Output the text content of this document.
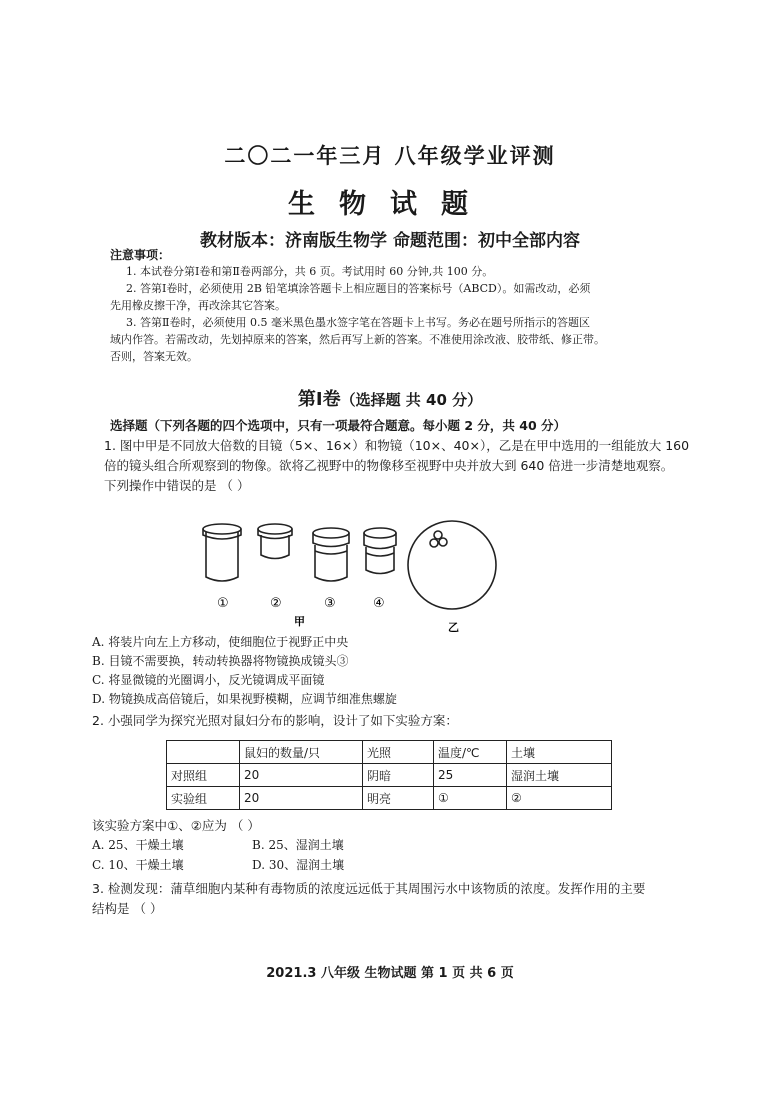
二〇二一年三月 八年级学业评测
生物试题
教材版本：济南版生物学 命题范围：初中全部内容
注意事项：
1. 本试卷分第Ⅰ卷和第Ⅱ卷两部分，共 6 页。考试用时 60 分钟,共 100 分。
2. 答第Ⅰ卷时，必须使用 2B 铅笔填涂答题卡上相应题目的答案标号（ABCD）。如需改动，必须
先用橡皮擦干净，再改涂其它答案。
3. 答第Ⅱ卷时，必须使用 0.5 毫米黑色墨水签字笔在答题卡上书写。务必在题号所指示的答题区
域内作答。若需改动，先划掉原来的答案，然后再写上新的答案。不准使用涂改液、胶带纸、修正带。
否则，答案无效。
第Ⅰ卷（选择题 共 40 分）
选择题（下列各题的四个选项中，只有一项最符合题意。每小题 2 分，共 40 分）
1. 图中甲是不同放大倍数的目镜（5×、16×）和物镜（10×、40×），乙是在甲中选用的一组能放大 160
倍的镜头组合所观察到的物像。欲将乙视野中的物像移至视野中央并放大到 640 倍进一步清楚地观察。
下列操作中错误的是 （ ）
①	②	③	④
甲	乙
A. 将装片向左上方移动，使细胞位于视野正中央
B. 目镜不需要换，转动转换器将物镜换成镜头③
C. 将显微镜的光圈调小，反光镜调成平面镜
D. 物镜换成高倍镜后，如果视野模糊，应调节细准焦螺旋
2. 小强同学为探究光照对鼠妇分布的影响，设计了如下实验方案：
	鼠妇的数量/只	光照	温度/℃	土壤
对照组	20	阴暗	25	湿润土壤
实验组	20	明亮	①	②
该实验方案中①、②应为 （ ）
A. 25、干燥土壤	B. 25、湿润土壤
C. 10、干燥土壤	D. 30、湿润土壤
3. 检测发现：蒲草细胞内某种有毒物质的浓度远远低于其周围污水中该物质的浓度。发挥作用的主要
结构是 （ ）
2021.3 八年级 生物试题 第 1 页 共 6 页
